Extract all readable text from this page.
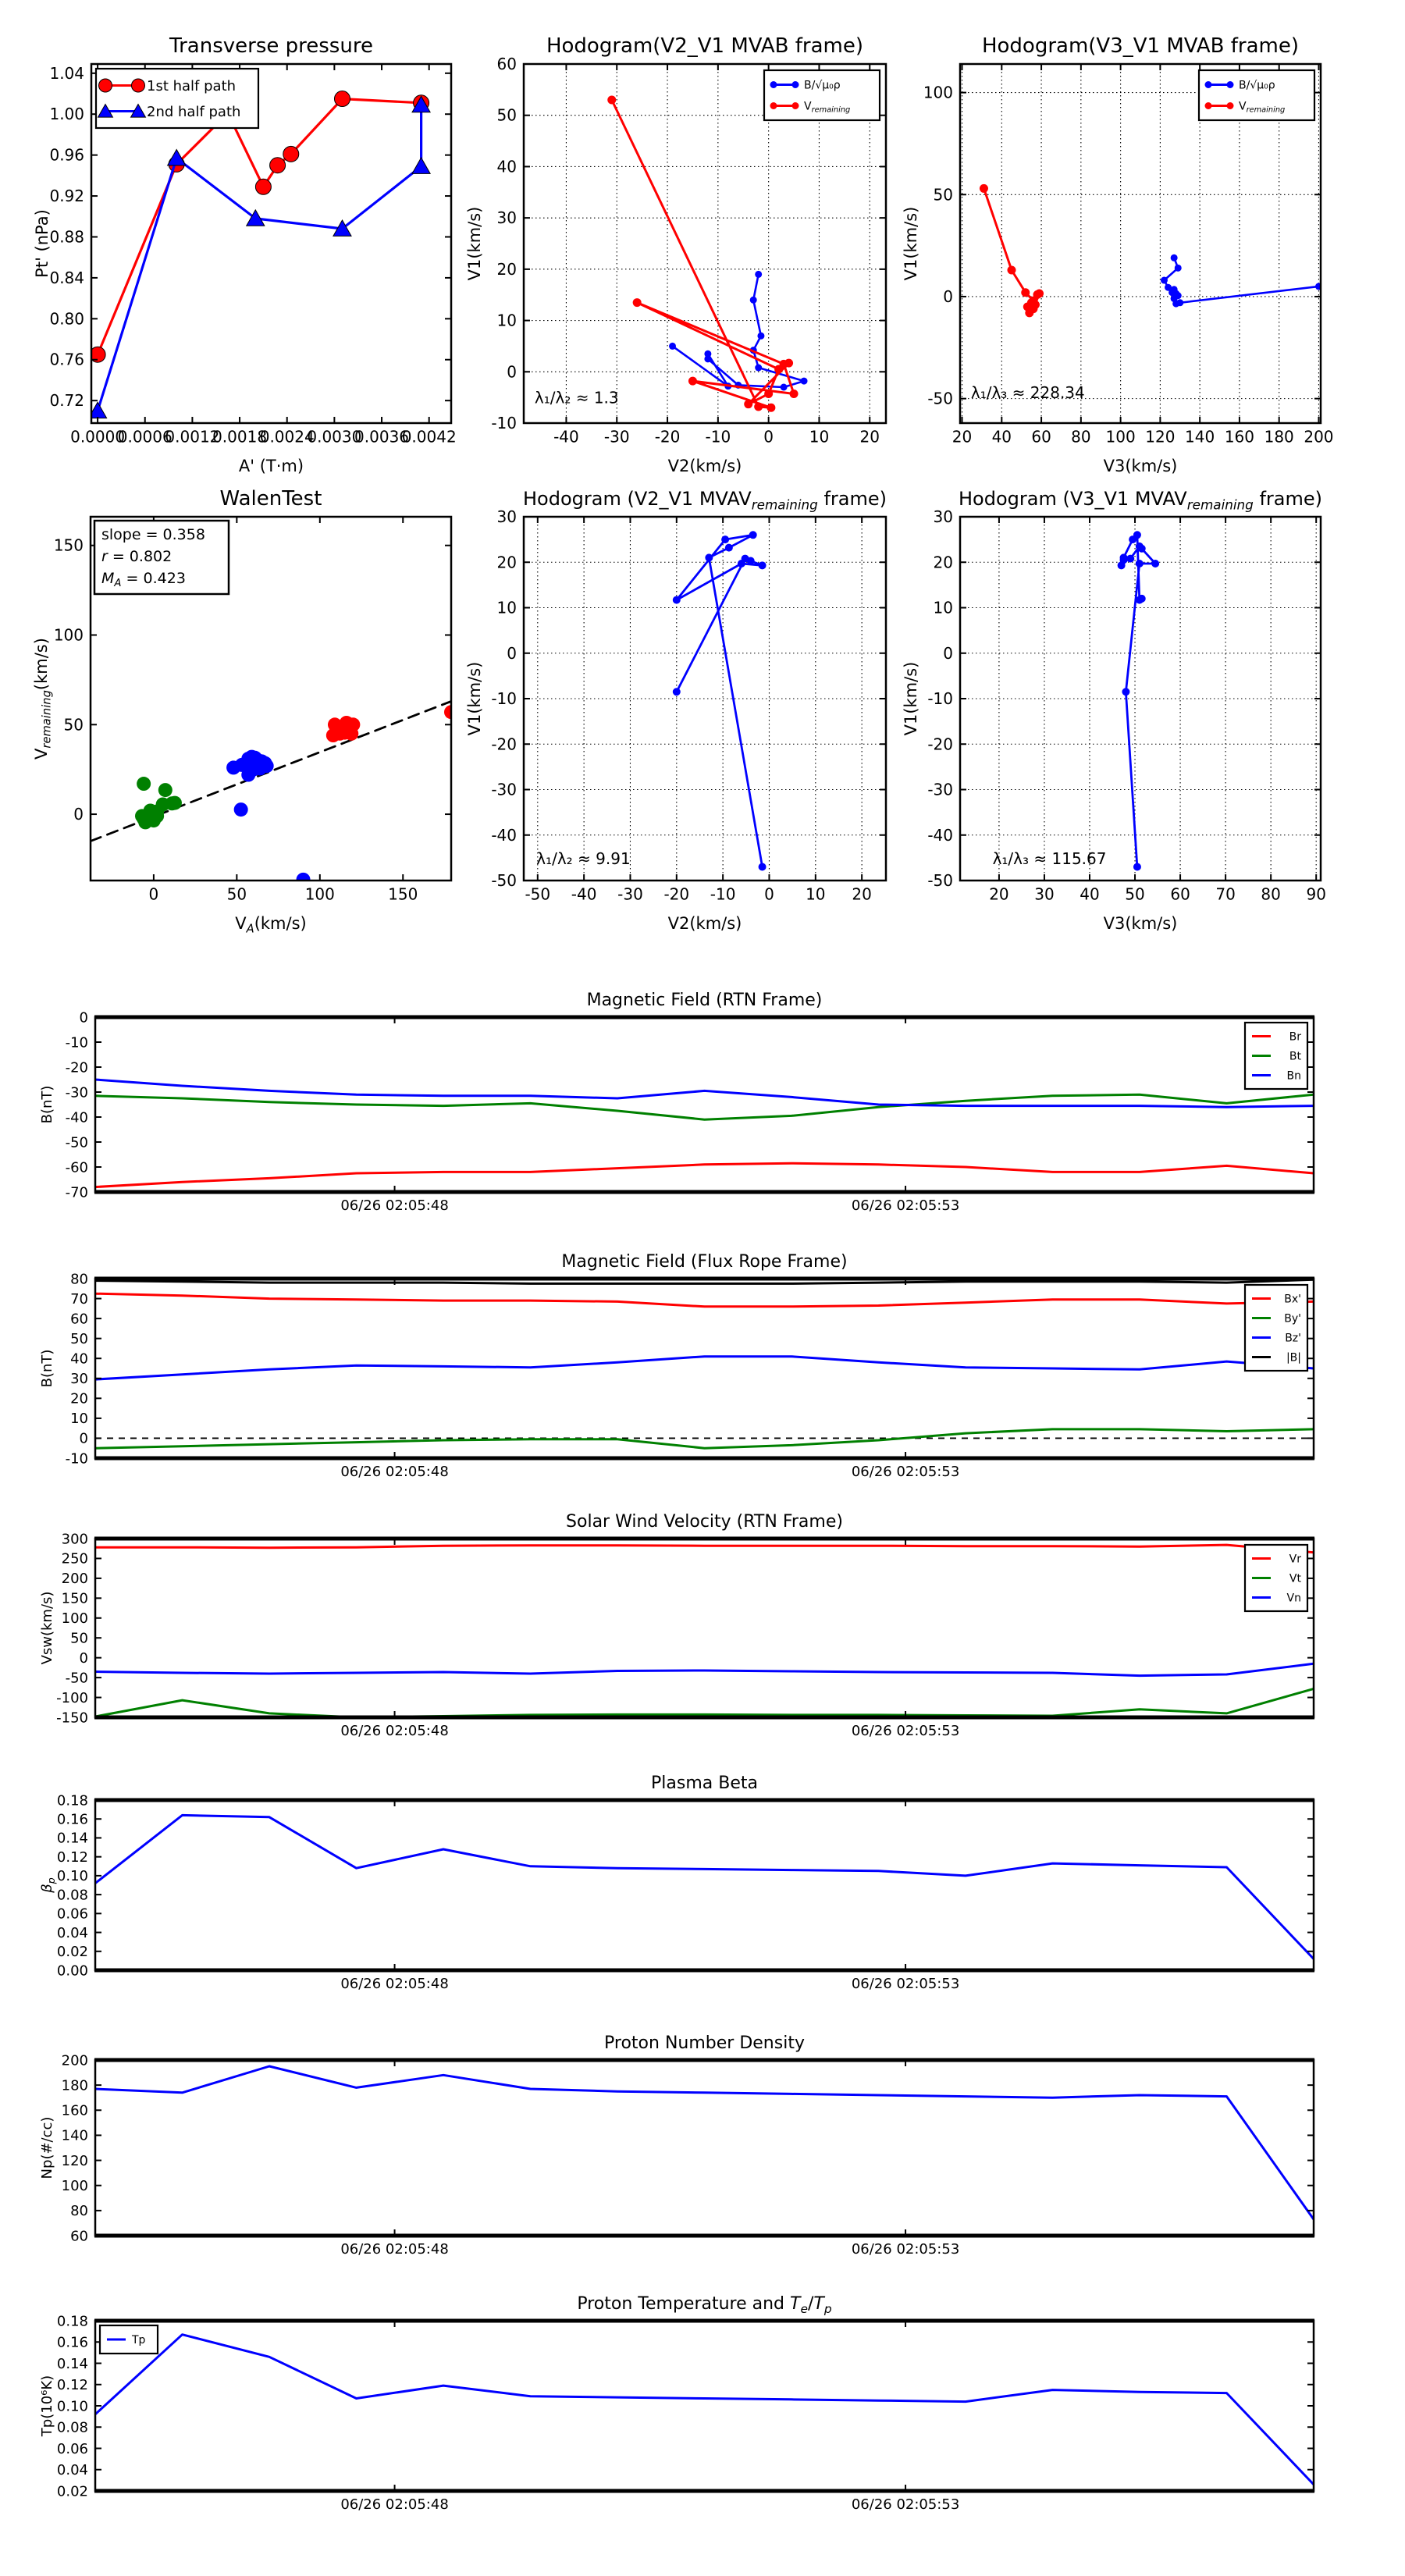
0.0000
0.0006
0.0012
0.0018
0.0024
0.0030
0.0036
0.0042
0.72
0.76
0.80
0.84
0.88
0.92
0.96
1.00
1.04
Transverse pressure
A' (T·m)
Pt' (nPa)
1st half path
2nd half path
-40 -30 -20 -10 0 10 20
-10
0
10
20
30
40
50
60
Hodogram(V2_V1 MVAB frame)
V2(km/s)
V1(km/s)
B/√μ₀ρ
$V_{remaining}$
λ₁/λ₂ ≈ 1.3
20 40 60 80 100 120 140 160 180 200
-50
0
50
100
Hodogram(V3_V1 MVAB frame)
V3(km/s)
V1(km/s)
B/√μ₀ρ
$V_{remaining}$
λ₁/λ₃ ≈ 228.34
0	50	100	150
0
50
100
150
WalenTest
$V_A(km/s)$
$V_{remaining}(km/s)$
slope = 0.358
r = 0.802
$M_A = 0.423$
-50 -40 -30 -20 -10 0 10 20
-50
-40
-30
-20
-10
0
10
20
30
Hodogram (V2_V1 $MVAV_{remaining}$ frame)
V2(km/s)
V1(km/s)
λ₁/λ₂ ≈ 9.91
20 30 40 50 60 70 80 90
-50
-40
-30
-20
-10
0
10
20
30
Hodogram (V3_V1 $MVAV_{remaining}$ frame)
V3(km/s)
V1(km/s)
λ₁/λ₃ ≈ 115.67
06/26 02:05:48	06/26 02:05:53
-70
-60
-50
-40
-30
-20
-10
0
Magnetic Field (RTN Frame)
B(nT)
Br
Bt
Bn
06/26 02:05:48	06/26 02:05:53
-10
0
10
20
30
40
50
60
70
80
Magnetic Field (Flux Rope Frame)
B(nT)
Bx'
By'
Bz'
|B|
06/26 02:05:48	06/26 02:05:53
-150
-100
-50
0
50
100
150
200
250
300
Solar Wind Velocity (RTN Frame)
Vsw(km/s)
Vr
Vt
Vn
06/26 02:05:48	06/26 02:05:53
0.00
0.02
0.04
0.06
0.08
0.10
0.12
0.14
0.16
0.18
Plasma Beta
$\beta_p$
06/26 02:05:48	06/26 02:05:53
60
80
100
120
140
160
180
200
Proton Number Density
Np(#/cc)
06/26 02:05:48	06/26 02:05:53
0.02
0.04
0.06
0.08
0.10
0.12
0.14
0.16
0.18
Proton Temperature and $T_e/T_p$
Tp(10⁶K)
Tp
